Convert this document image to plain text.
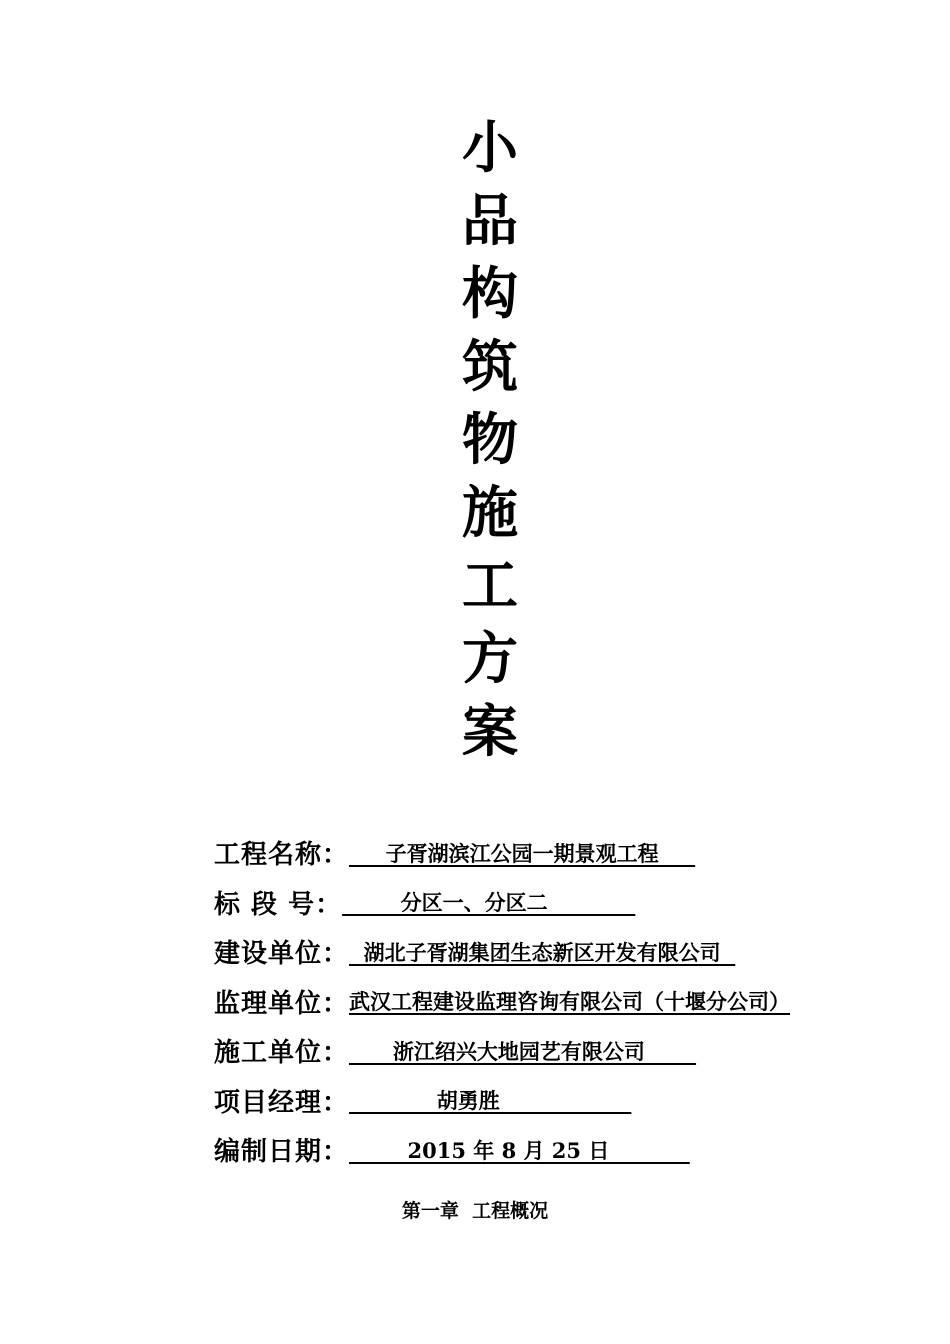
小
品
构
筑
物
施
工
方
案
工程名称： 子胥湖滨江公园一期景观工程
标 段 号： 分区一、分区二
建设单位： 湖北子胥湖集团生态新区开发有限公司
监理单位： 武汉工程建设监理咨询有限公司（十堰分公司）
施工单位： 浙江绍兴大地园艺有限公司
项目经理： 胡勇胜
编制日期： 2015 年 8 月 25 日
第一章  工程概况
